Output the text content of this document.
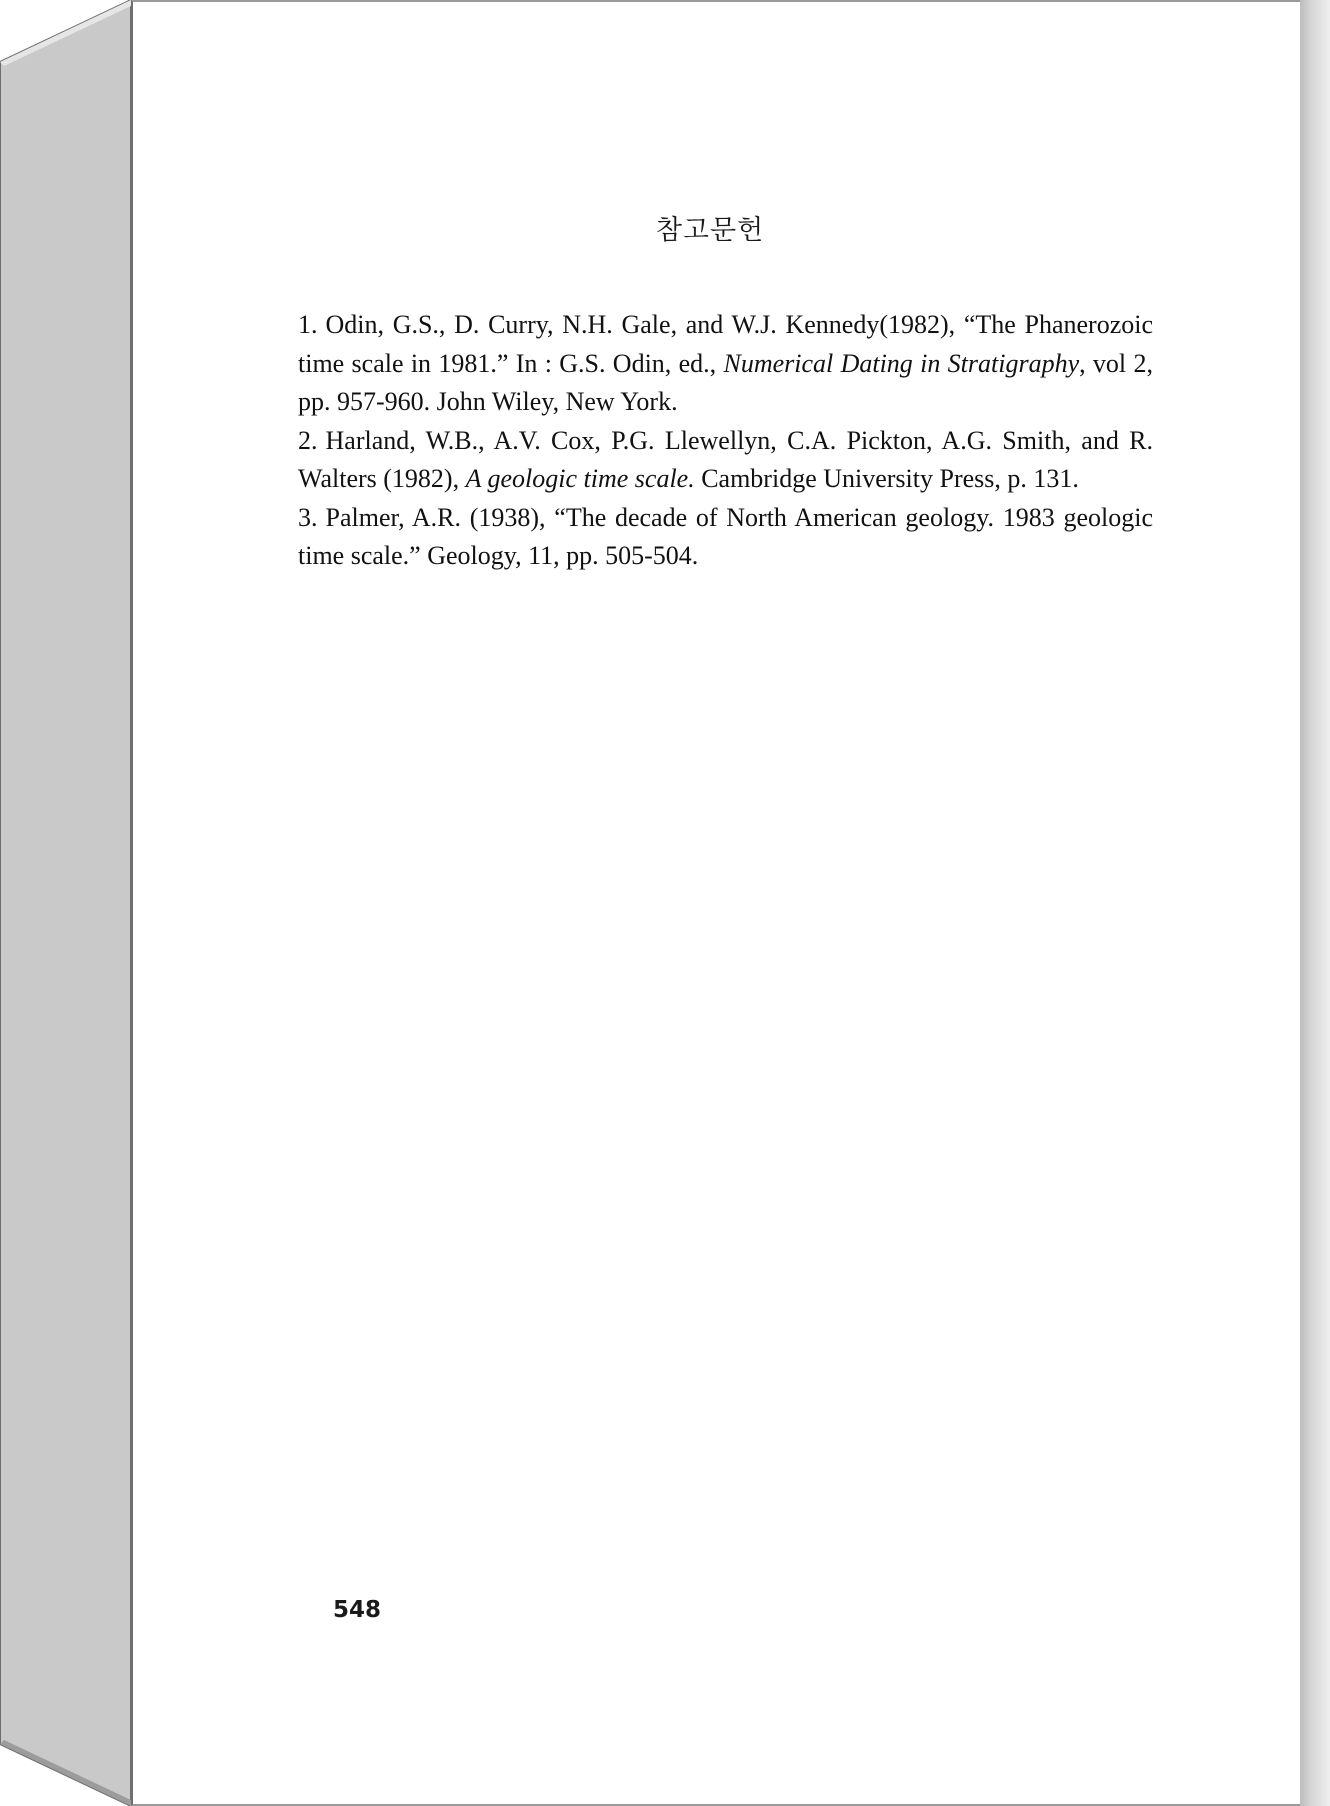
참고문헌

1. Odin, G.S., D. Curry, N.H. Gale, and W.J. Kennedy(1982), “The Phanerozoic time scale in 1981.” In : G.S. Odin, ed., Numerical Dating in Stratigraphy, vol 2, pp. 957-960. John Wiley, New York.

2. Harland, W.B., A.V. Cox, P.G. Llewellyn, C.A. Pickton, A.G. Smith, and R. Walters (1982), A geologic time scale. Cambridge University Press, p. 131.

3. Palmer, A.R. (1938), “The decade of North American geology. 1983 geologic time scale.” Geology, 11, pp. 505-504.

548
